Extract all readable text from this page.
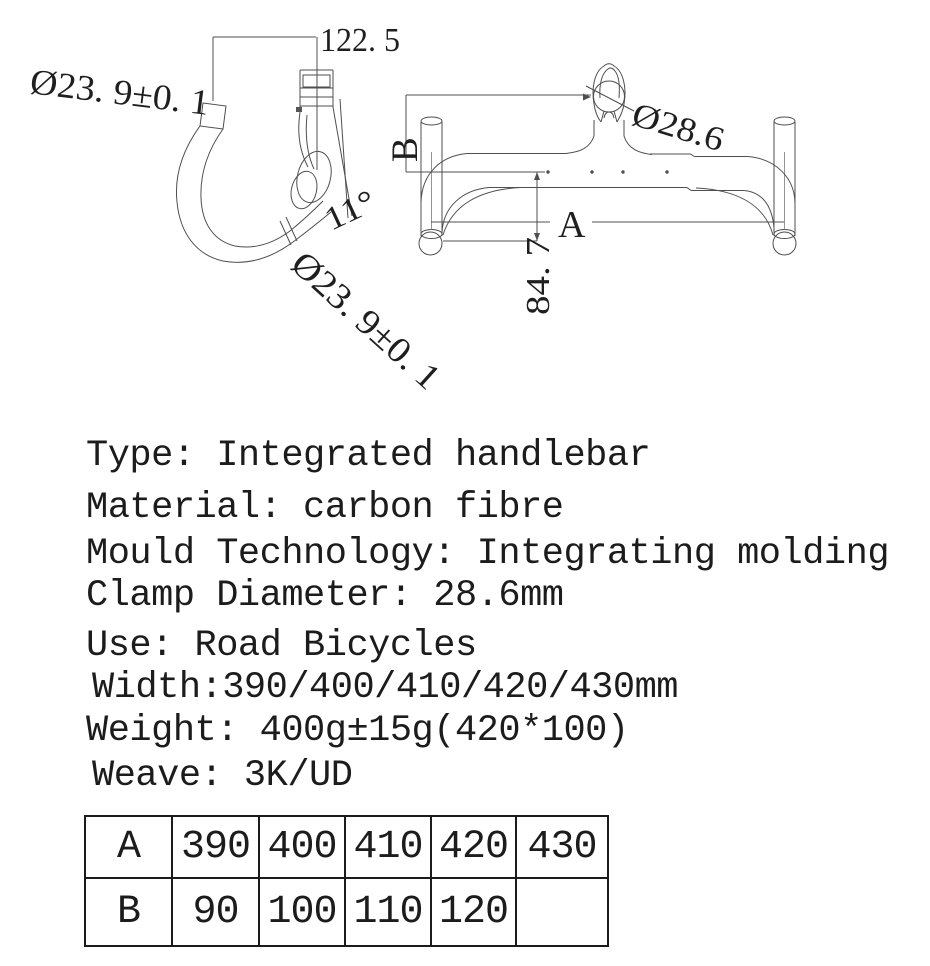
122. 5
11°
Ø23. 9±0. 1
Ø23. 9±0. 1
B	Ø28.6
A
84. 7
Type: Integrated handlebar
Material: carbon fibre
Mould Technology: Integrating molding
Clamp Diameter: 28.6mm
Use: Road Bicycles
Width:390/400/410/420/430mm
Weight: 400g±15g(420*100)
Weave: 3K/UD
A	390 400 410 420 430
B	90 100 110 120
